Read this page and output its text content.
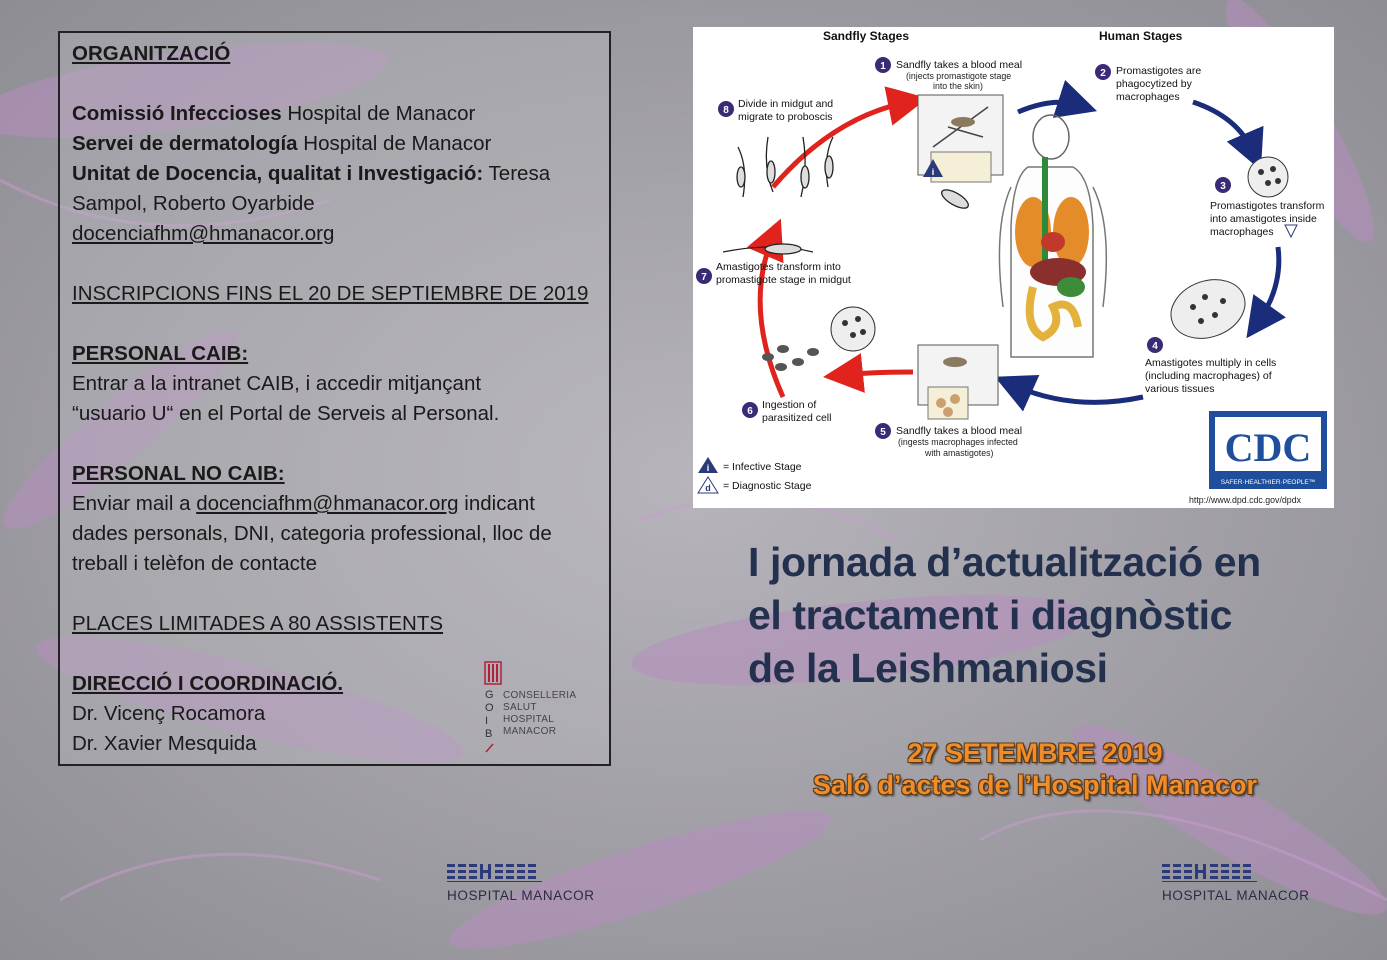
ORGANITZACIÓ

Comissió Infeccioses Hospital de Manacor

Servei de dermatología Hospital de Manacor

Unitat de Docencia, qualitat i Investigació: Teresa

Sampol, Roberto Oyarbide

docenciafhm@hmanacor.org

INSCRIPCIONS FINS EL 20 DE SEPTIEMBRE DE 2019

PERSONAL CAIB:

Entrar a la intranet CAIB, i accedir mitjançant

“usuario U“ en el Portal de Serveis al Personal.

PERSONAL NO CAIB:

Enviar mail a docenciafhm@hmanacor.org indicant

dades personals, DNI, categoria professional, lloc de

treball i telèfon de contacte

PLACES LIMITADES A 80 ASSISTENTS

DIRECCIÓ I COORDINACIÓ.

Dr. Vicenç Rocamora

Dr. Xavier Mesquida

G
O
I
B
CONSELLERIA
SALUT
HOSPITAL
MANACOR
HOSPITAL MANACOR	HOSPITAL MANACOR
Sandfly Stages	Human Stages
1 Sandfly takes a blood meal
(injects promastigote stage
into the skin)
2 Promastigotes are
phagocytized by
macrophages
3
Promastigotes transform
into amastigotes inside
macrophages
4
Amastigotes multiply in cells
(including macrophages) of
various tissues
5 Sandfly takes a blood meal
(ingests macrophages infected
with amastigotes)
6
Ingestion of
parasitized cell
7
Amastigotes transform into
promastigote stage in midgut
8
Divide in midgut and
migrate to proboscis
i
i = Infective Stage
d = Diagnostic Stage
CDC
SAFER·HEALTHIER·PEOPLE™
http://www.dpd.cdc.gov/dpdx
I jornada d’actualització en
el tractament i diagnòstic
de la Leishmaniosi
27 SETEMBRE 2019
Saló d’actes de l’Hospital Manacor
